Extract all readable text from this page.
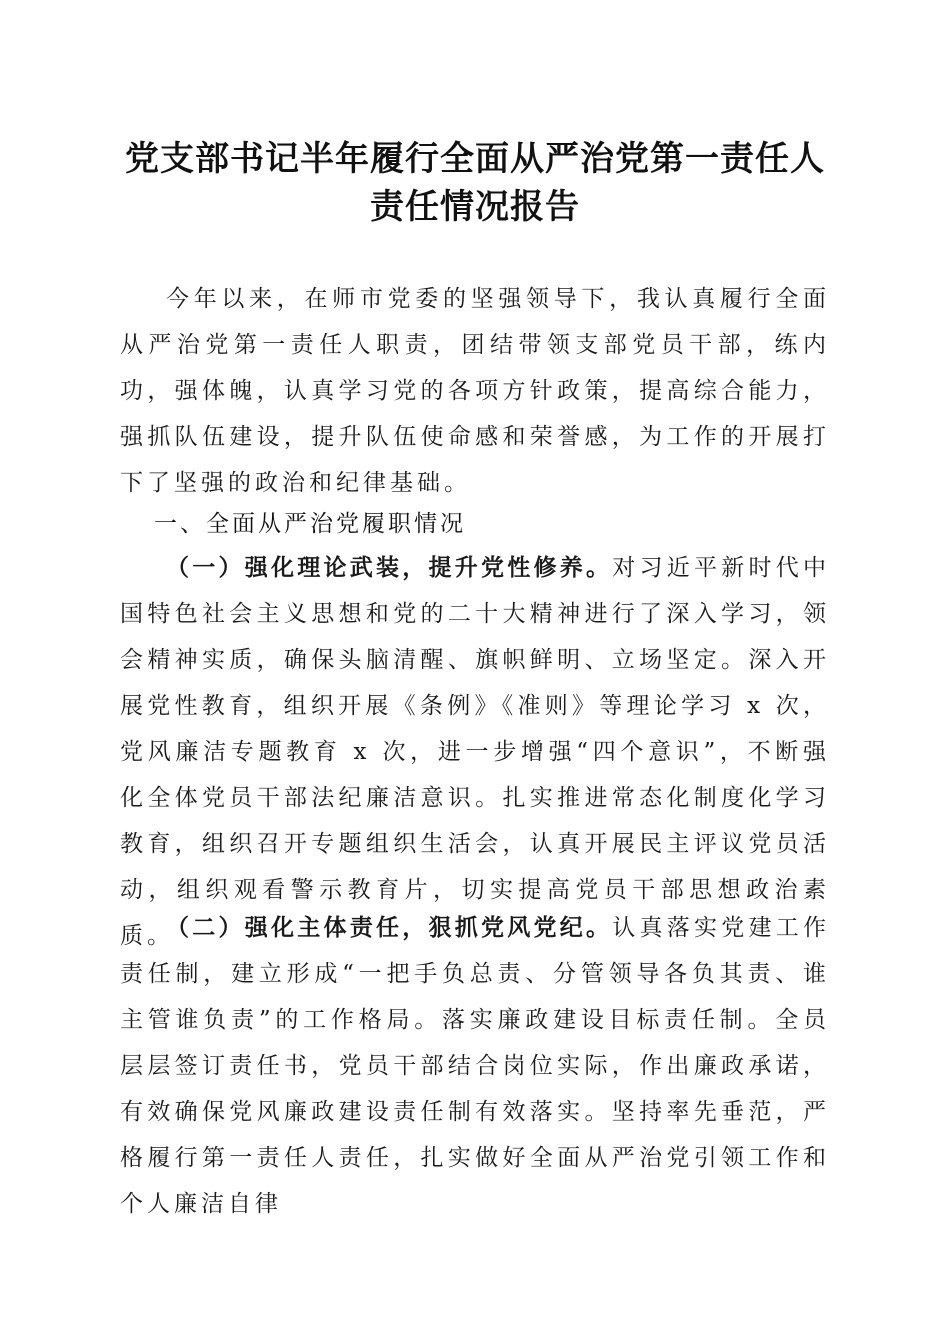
党支部书记半年履行全面从严治党第一责任人
责任情况报告

今年以来，在师市党委的坚强领导下，我认真履行全面从严治党第一责任人职责，团结带领支部党员干部，练内功，强体魄，认真学习党的各项方针政策，提高综合能力，强抓队伍建设，提升队伍使命感和荣誉感，为工作的开展打下了坚强的政治和纪律基础。

一、全面从严治党履职情况

（一）强化理论武装，提升党性修养。对习近平新时代中国特色社会主义思想和党的二十大精神进行了深入学习，领会精神实质，确保头脑清醒、旗帜鲜明、立场坚定。深入开展党性教育，组织开展《条例》《准则》等理论学习 x 次，党风廉洁专题教育 x 次，进一步增强“四个意识”，不断强化全体党员干部法纪廉洁意识。扎实推进常态化制度化学习教育，组织召开专题组织生活会，认真开展民主评议党员活动，组织观看警示教育片，切实提高党员干部思想政治素质。

（二）强化主体责任，狠抓党风党纪。认真落实党建工作责任制，建立形成“一把手负总责、分管领导各负其责、谁主管谁负责”的工作格局。落实廉政建设目标责任制。全员层层签订责任书，党员干部结合岗位实际，作出廉政承诺，有效确保党风廉政建设责任制有效落实。坚持率先垂范，严格履行第一责任人责任，扎实做好全面从严治党引领工作和个人廉洁自律
